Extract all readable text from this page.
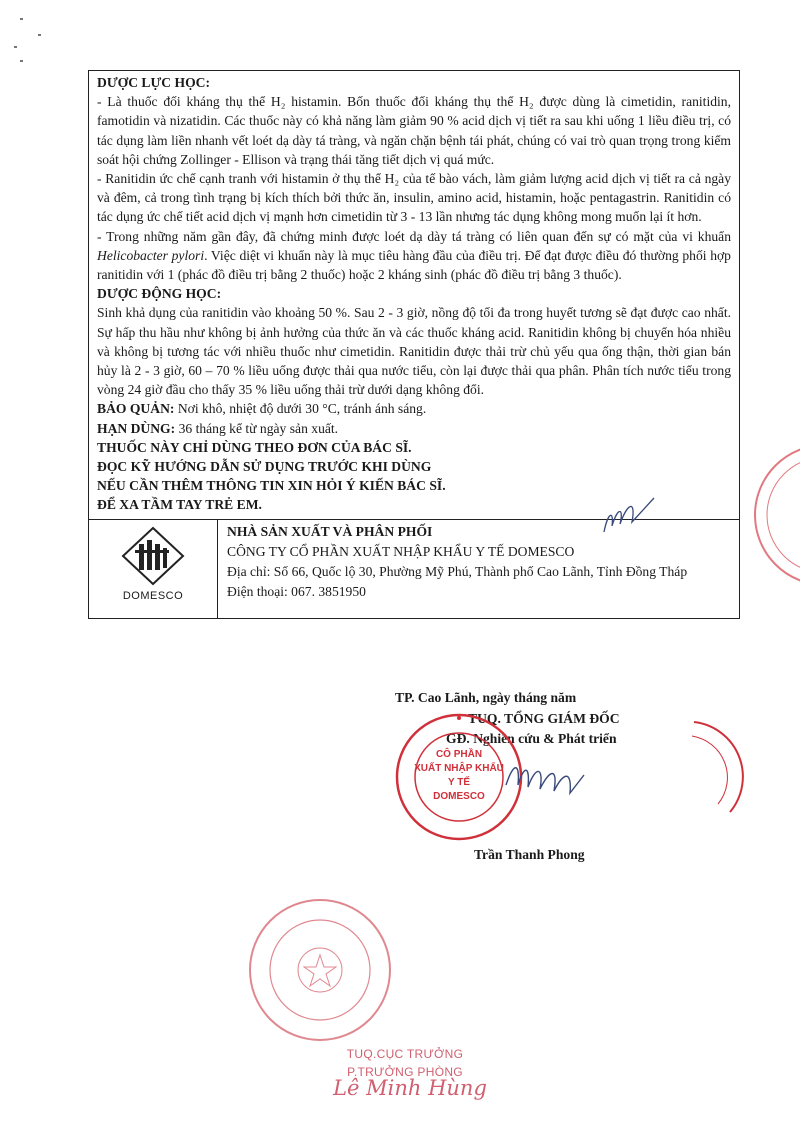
DƯỢC LỰC HỌC:

- Là thuốc đối kháng thụ thể H₂ histamin. Bốn thuốc đối kháng thụ thể H₂ được dùng là cimetidin, ranitidin, famotidin và nizatidin. Các thuốc này có khả năng làm giảm 90 % acid dịch vị tiết ra sau khi uống 1 liều điều trị, có tác dụng làm liền nhanh vết loét dạ dày tá tràng, và ngăn chặn bệnh tái phát, chúng có vai trò quan trọng trong kiểm soát hội chứng Zollinger - Ellison và trạng thái tăng tiết dịch vị quá mức.

- Ranitidin ức chế cạnh tranh với histamin ở thụ thể H₂ của tế bào vách, làm giảm lượng acid dịch vị tiết ra cả ngày và đêm, cả trong tình trạng bị kích thích bởi thức ăn, insulin, amino acid, histamin, hoặc pentagastrin. Ranitidin có tác dụng ức chế tiết acid dịch vị mạnh hơn cimetidin từ 3 - 13 lần nhưng tác dụng không mong muốn lại ít hơn.

- Trong những năm gần đây, đã chứng minh được loét dạ dày tá tràng có liên quan đến sự có mặt của vi khuẩn Helicobacter pylori. Việc diệt vi khuẩn này là mục tiêu hàng đầu của điều trị. Để đạt được điều đó thường phối hợp ranitidin với 1 (phác đồ điều trị bằng 2 thuốc) hoặc 2 kháng sinh (phác đồ điều trị bằng 3 thuốc).

DƯỢC ĐỘNG HỌC:

Sinh khả dụng của ranitidin vào khoảng 50 %. Sau 2 - 3 giờ, nồng độ tối đa trong huyết tương sẽ đạt được cao nhất. Sự hấp thu hầu như không bị ảnh hưởng của thức ăn và các thuốc kháng acid. Ranitidin không bị chuyển hóa nhiều và không bị tương tác với nhiều thuốc như cimetidin. Ranitidin được thải trừ chủ yếu qua ống thận, thời gian bán hủy là 2 - 3 giờ, 60 – 70 % liều uống được thải qua nước tiểu, còn lại được thải qua phân. Phân tích nước tiểu trong vòng 24 giờ đầu cho thấy 35 % liều uống thải trừ dưới dạng không đổi.

BẢO QUẢN: Nơi khô, nhiệt độ dưới 30 °C, tránh ánh sáng.

HẠN DÙNG: 36 tháng kể từ ngày sản xuất.

THUỐC NÀY CHỈ DÙNG THEO ĐƠN CỦA BÁC SĨ.

ĐỌC KỸ HƯỚNG DẪN SỬ DỤNG TRƯỚC KHI DÙNG

NẾU CẦN THÊM THÔNG TIN XIN HỎI Ý KIẾN BÁC SĨ.

ĐỂ XA TẦM TAY TRẺ EM.

DOMESCO
NHÀ SẢN XUẤT VÀ PHÂN PHỐI
CÔNG TY CỔ PHẦN XUẤT NHẬP KHẨU Y TẾ DOMESCO
Địa chỉ: Số 66, Quốc lộ 30, Phường Mỹ Phú, Thành phố Cao Lãnh, Tỉnh Đồng Tháp
Điện thoại: 067. 3851950
TP. Cao Lãnh, ngày tháng năm
TUQ. TỔNG GIÁM ĐỐC
GĐ. Nghiên cứu & Phát triển
CÔ PHẦN
XUẤT NHẬP KHẨU
Y TẾ
DOMESCO
Trần Thanh Phong
TUQ.CỤC TRƯỞNG
P.TRƯỞNG PHÒNG
Lê Minh Hùng
